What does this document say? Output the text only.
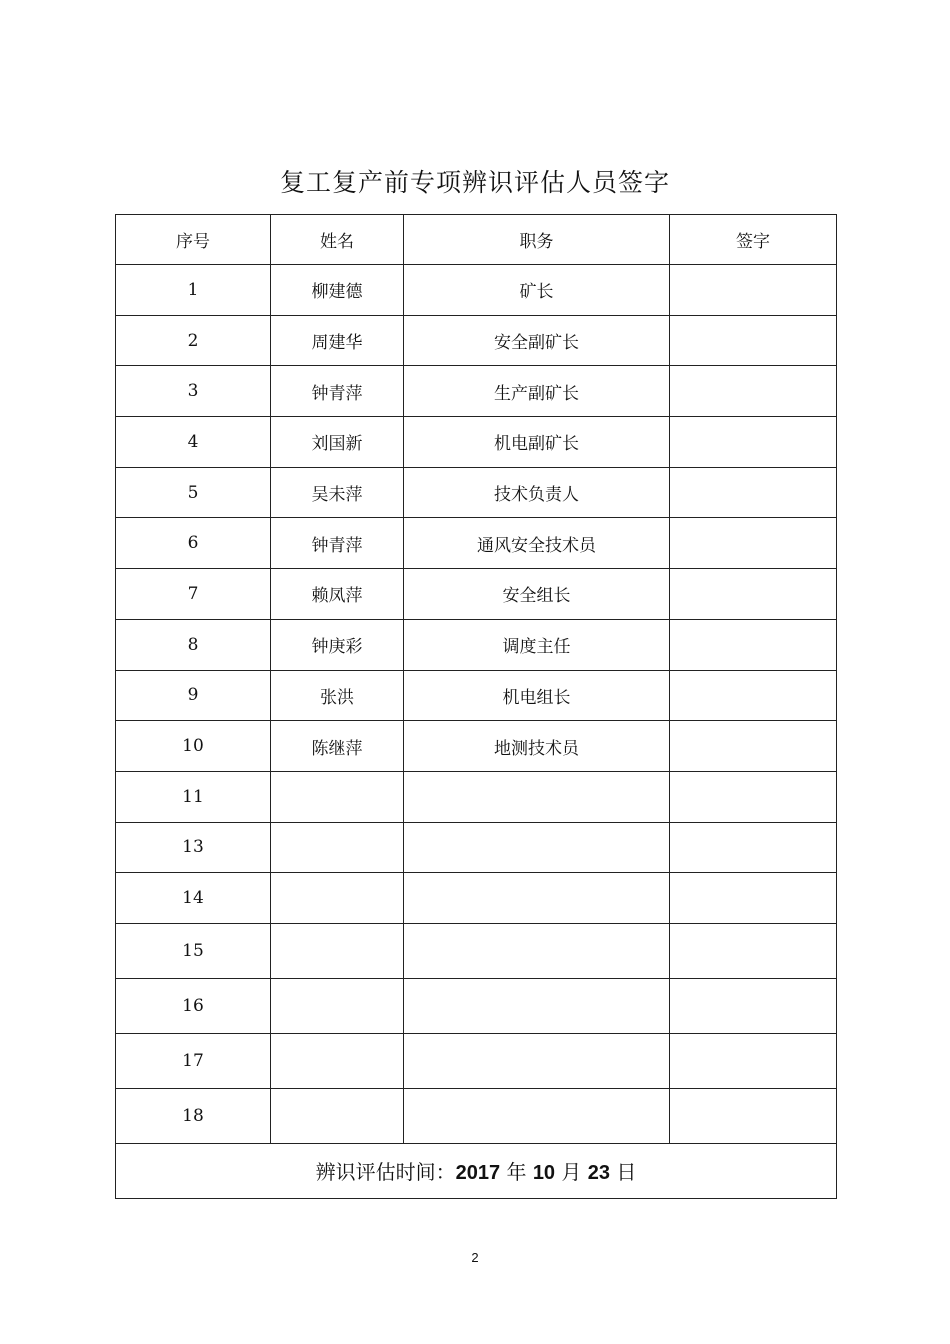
复工复产前专项辨识评估人员签字
序号	姓名	职务	签字
1	柳建德	矿长	
2	周建华	安全副矿长	
3	钟青萍	生产副矿长	
4	刘国新	机电副矿长	
5	吴未萍	技术负责人	
6	钟青萍	通风安全技术员	
7	赖凤萍	安全组长	
8	钟庚彩	调度主任	
9	张洪	机电组长	
10	陈继萍	地测技术员	
11			
13			
14			
15			
16			
17			
18			
辨识评估时间：2017 年 10 月 23 日			
2
